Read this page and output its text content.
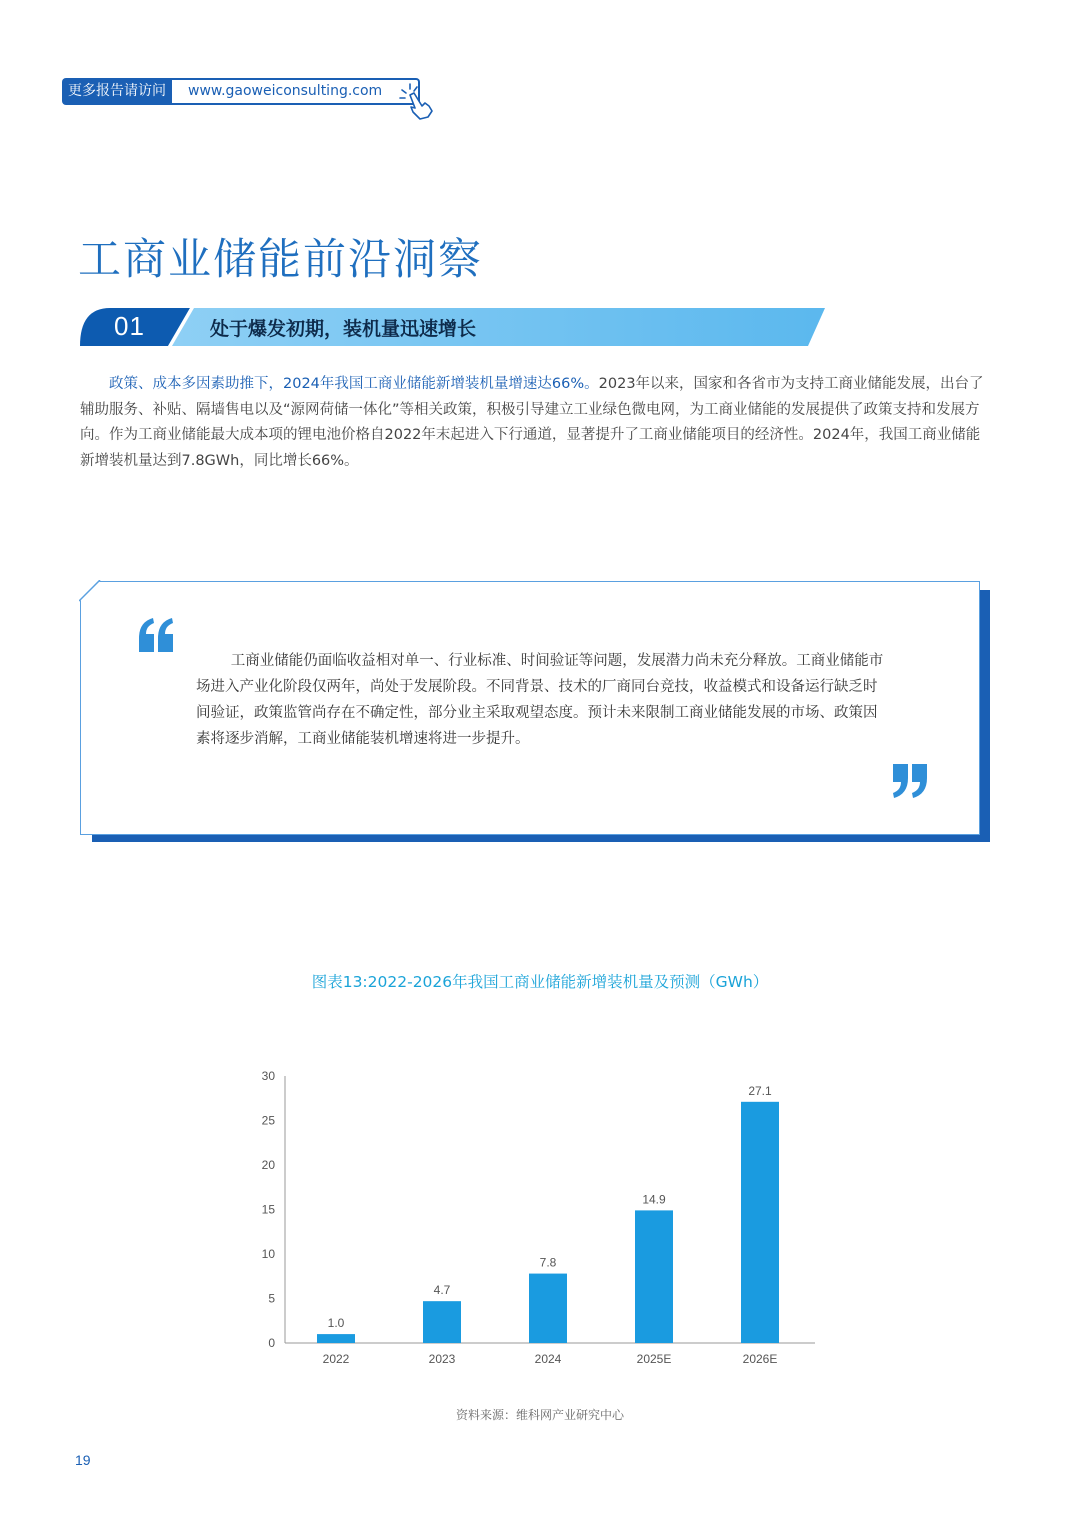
更多报告请访问	www.gaoweiconsulting.com
工商业储能前沿洞察
01	处于爆发初期，装机量迅速增长

政策、成本多因素助推下，2024年我国工商业储能新增装机量增速达66%。2023年以来，国家和各省市为支持工商业储能发展，出台了辅助服务、补贴、隔墙售电以及“源网荷储一体化”等相关政策，积极引导建立工业绿色微电网，为工商业储能的发展提供了政策支持和发展方向。作为工商业储能最大成本项的锂电池价格自2022年末起进入下行通道，显著提升了工商业储能项目的经济性。2024年，我国工商业储能新增装机量达到7.8GWh，同比增长66%。

工商业储能仍面临收益相对单一、行业标准、时间验证等问题，发展潜力尚未充分释放。工商业储能市场进入产业化阶段仅两年，尚处于发展阶段。不同背景、技术的厂商同台竞技，收益模式和设备运行缺乏时间验证，政策监管尚存在不确定性，部分业主采取观望态度。预计未来限制工商业储能发展的市场、政策因素将逐步消解，工商业储能装机增速将进一步提升。

图表13:2022-2026年我国工商业储能新增装机量及预测（GWh）
0
5
10
15
20
25
30
1.0
2022
4.7
2023
7.8
2024
14.9
2025E
27.1
2026E
资料来源：维科网产业研究中心
19
